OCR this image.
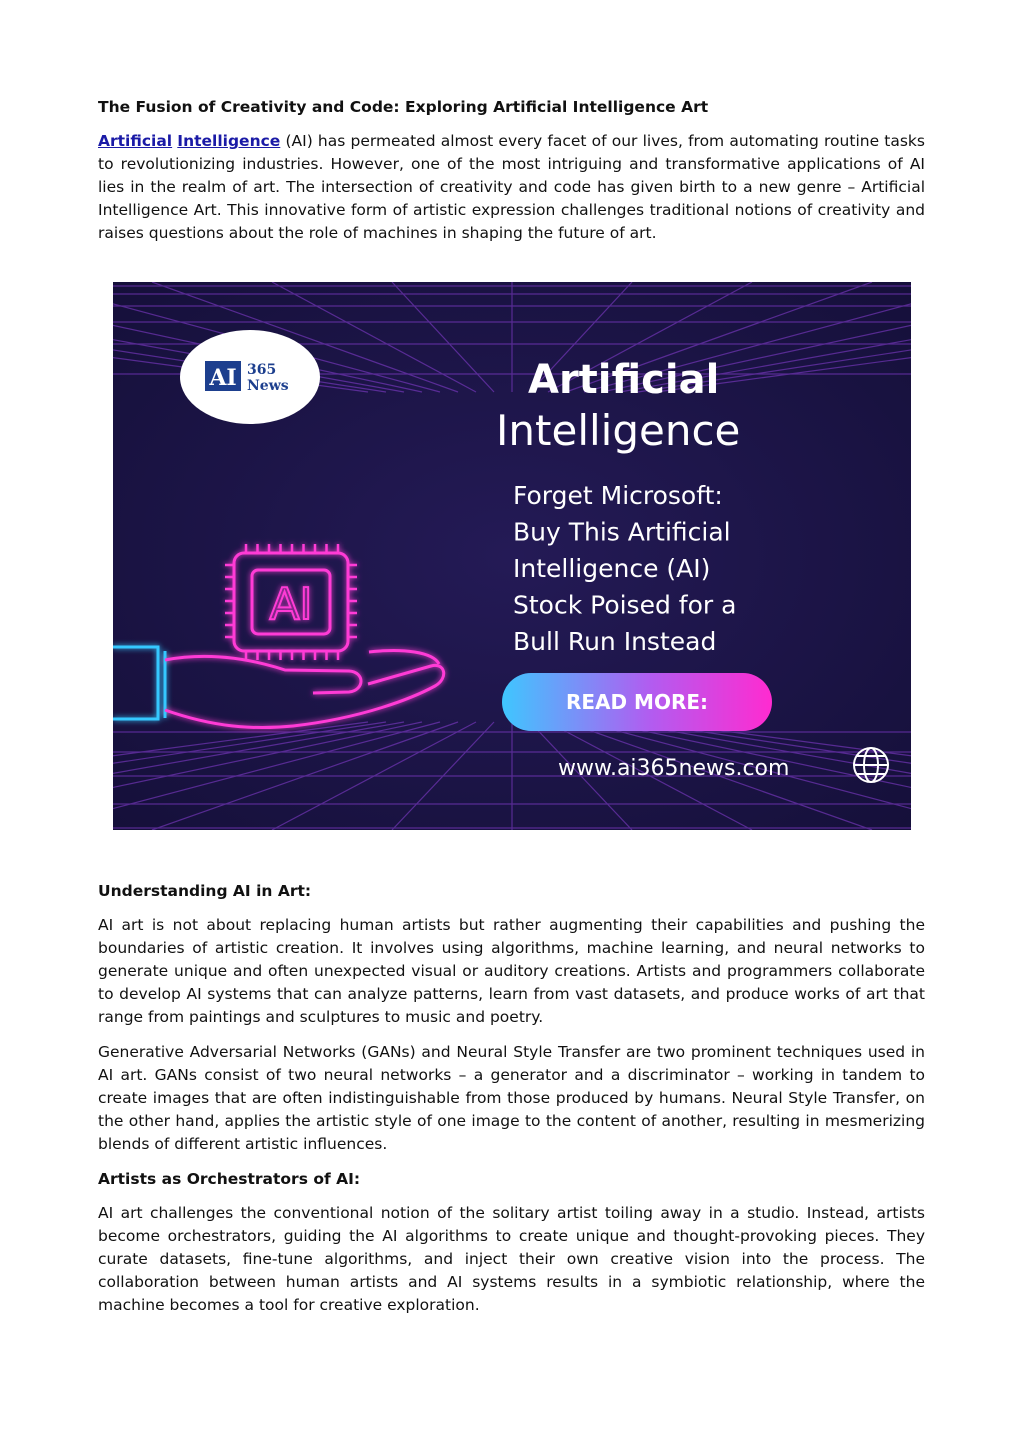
The Fusion of Creativity and Code: Exploring Artificial Intelligence Art

Artificial Intelligence (AI) has permeated almost every facet of our lives, from automating routine tasks to revolutionizing industries. However, one of the most intriguing and transformative applications of AI lies in the realm of art. The intersection of creativity and code has given birth to a new genre – Artificial Intelligence Art. This innovative form of artistic expression challenges traditional notions of creativity and raises questions about the role of machines in shaping the future of art.

AI 365
News	Artificial
Intelligence
Forget Microsoft:
Buy This Artificial
Intelligence (AI)
Stock Poised for a
Bull Run Instead
AI
READ MORE:
www.ai365news.com
Understanding AI in Art:

AI art is not about replacing human artists but rather augmenting their capabilities and pushing the boundaries of artistic creation. It involves using algorithms, machine learning, and neural networks to generate unique and often unexpected visual or auditory creations. Artists and programmers collaborate to develop AI systems that can analyze patterns, learn from vast datasets, and produce works of art that range from paintings and sculptures to music and poetry.

Generative Adversarial Networks (GANs) and Neural Style Transfer are two prominent techniques used in AI art. GANs consist of two neural networks – a generator and a discriminator – working in tandem to create images that are often indistinguishable from those produced by humans. Neural Style Transfer, on the other hand, applies the artistic style of one image to the content of another, resulting in mesmerizing blends of different artistic influences.

Artists as Orchestrators of AI:

AI art challenges the conventional notion of the solitary artist toiling away in a studio. Instead, artists become orchestrators, guiding the AI algorithms to create unique and thought-provoking pieces. They curate datasets, fine-tune algorithms, and inject their own creative vision into the process. The collaboration between human artists and AI systems results in a symbiotic relationship, where the machine becomes a tool for creative exploration.
